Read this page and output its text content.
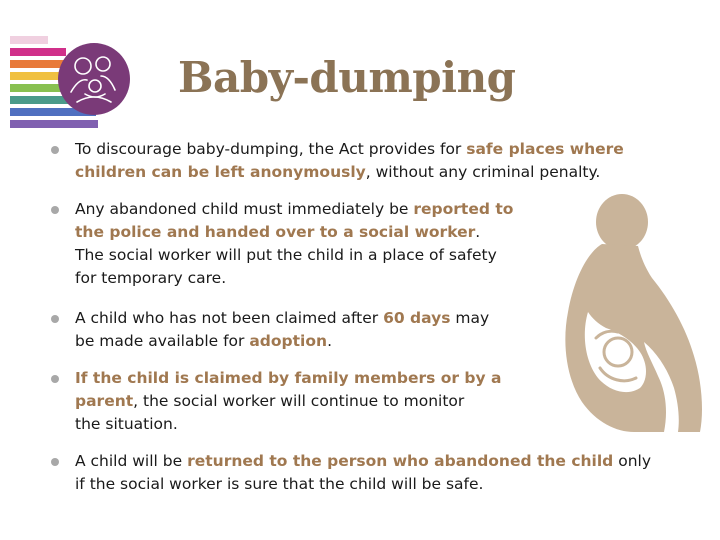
Baby-dumping
To discourage baby-dumping, the Act provides for safe places where
children can be left anonymously, without any criminal penalty.
Any abandoned child must immediately be reported to
the police and handed over to a social worker.
The social worker will put the child in a place of safety
for temporary care.
A child who has not been claimed after 60 days may
be made available for adoption.
If the child is claimed by family members or by a
parent, the social worker will continue to monitor
the situation.
A child will be returned to the person who abandoned the child only
if the social worker is sure that the child will be safe.
